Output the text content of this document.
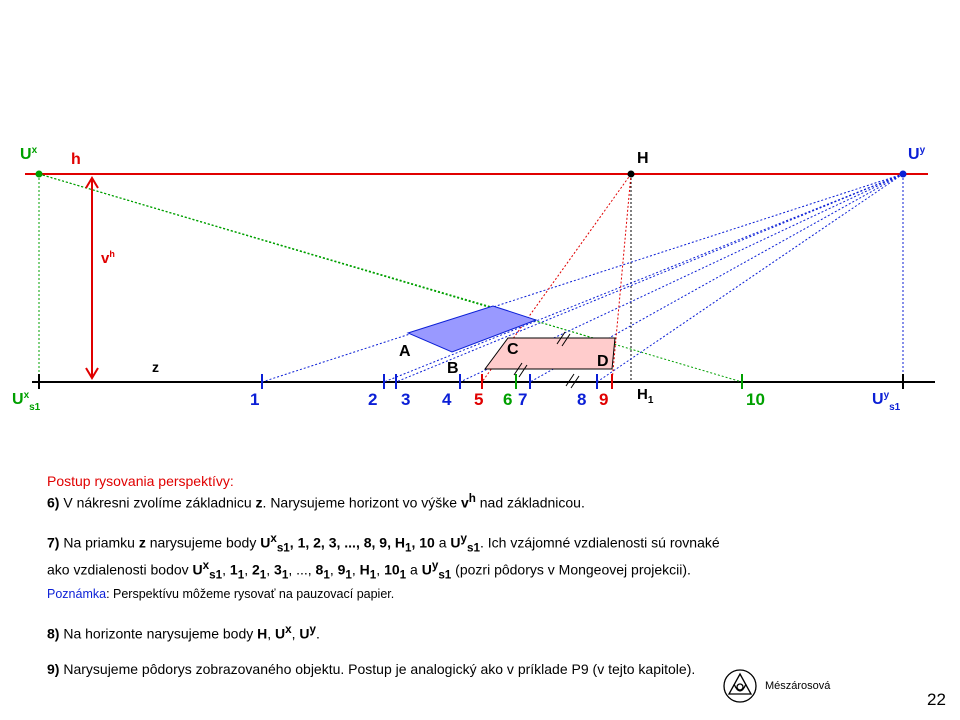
$U^x$	$U^y$
h	H
$v^h$
z
A
B
C
D
$H_1$
$U^x_{s1}$	$U^y_{s1}$
1	2 3 4 5 6 7	8 9	10

Postup rysovania perspektívy:

6) V nákresni zvolíme základnicu z. Narysujeme horizont vo výške $v^h$ nad základnicou.

7) Na priamku z narysujeme body $U^x_{s1}$, 1, 2, 3, ..., 8, 9, $H_1$, 10 a $U^y_{s1}$. Ich vzájomné vzdialenosti sú rovnaké

ako vzdialenosti bodov $U^x_{s1}$, $1_1$, $2_1$, $3_1$, ..., $8_1$, $9_1$, $H_1$, $10_1$ a $U^y_{s1}$ (pozri pôdorys v Mongeovej projekcii).

Poznámka: Perspektívu môžeme rysovať na pauzovací papier.

8) Na horizonte narysujeme body H, $U^x$, $U^y$.

9) Narysujeme pôdorys zobrazovaného objektu. Postup je analogický ako v príklade P9 (v tejto kapitole).

Mészárosová
22
